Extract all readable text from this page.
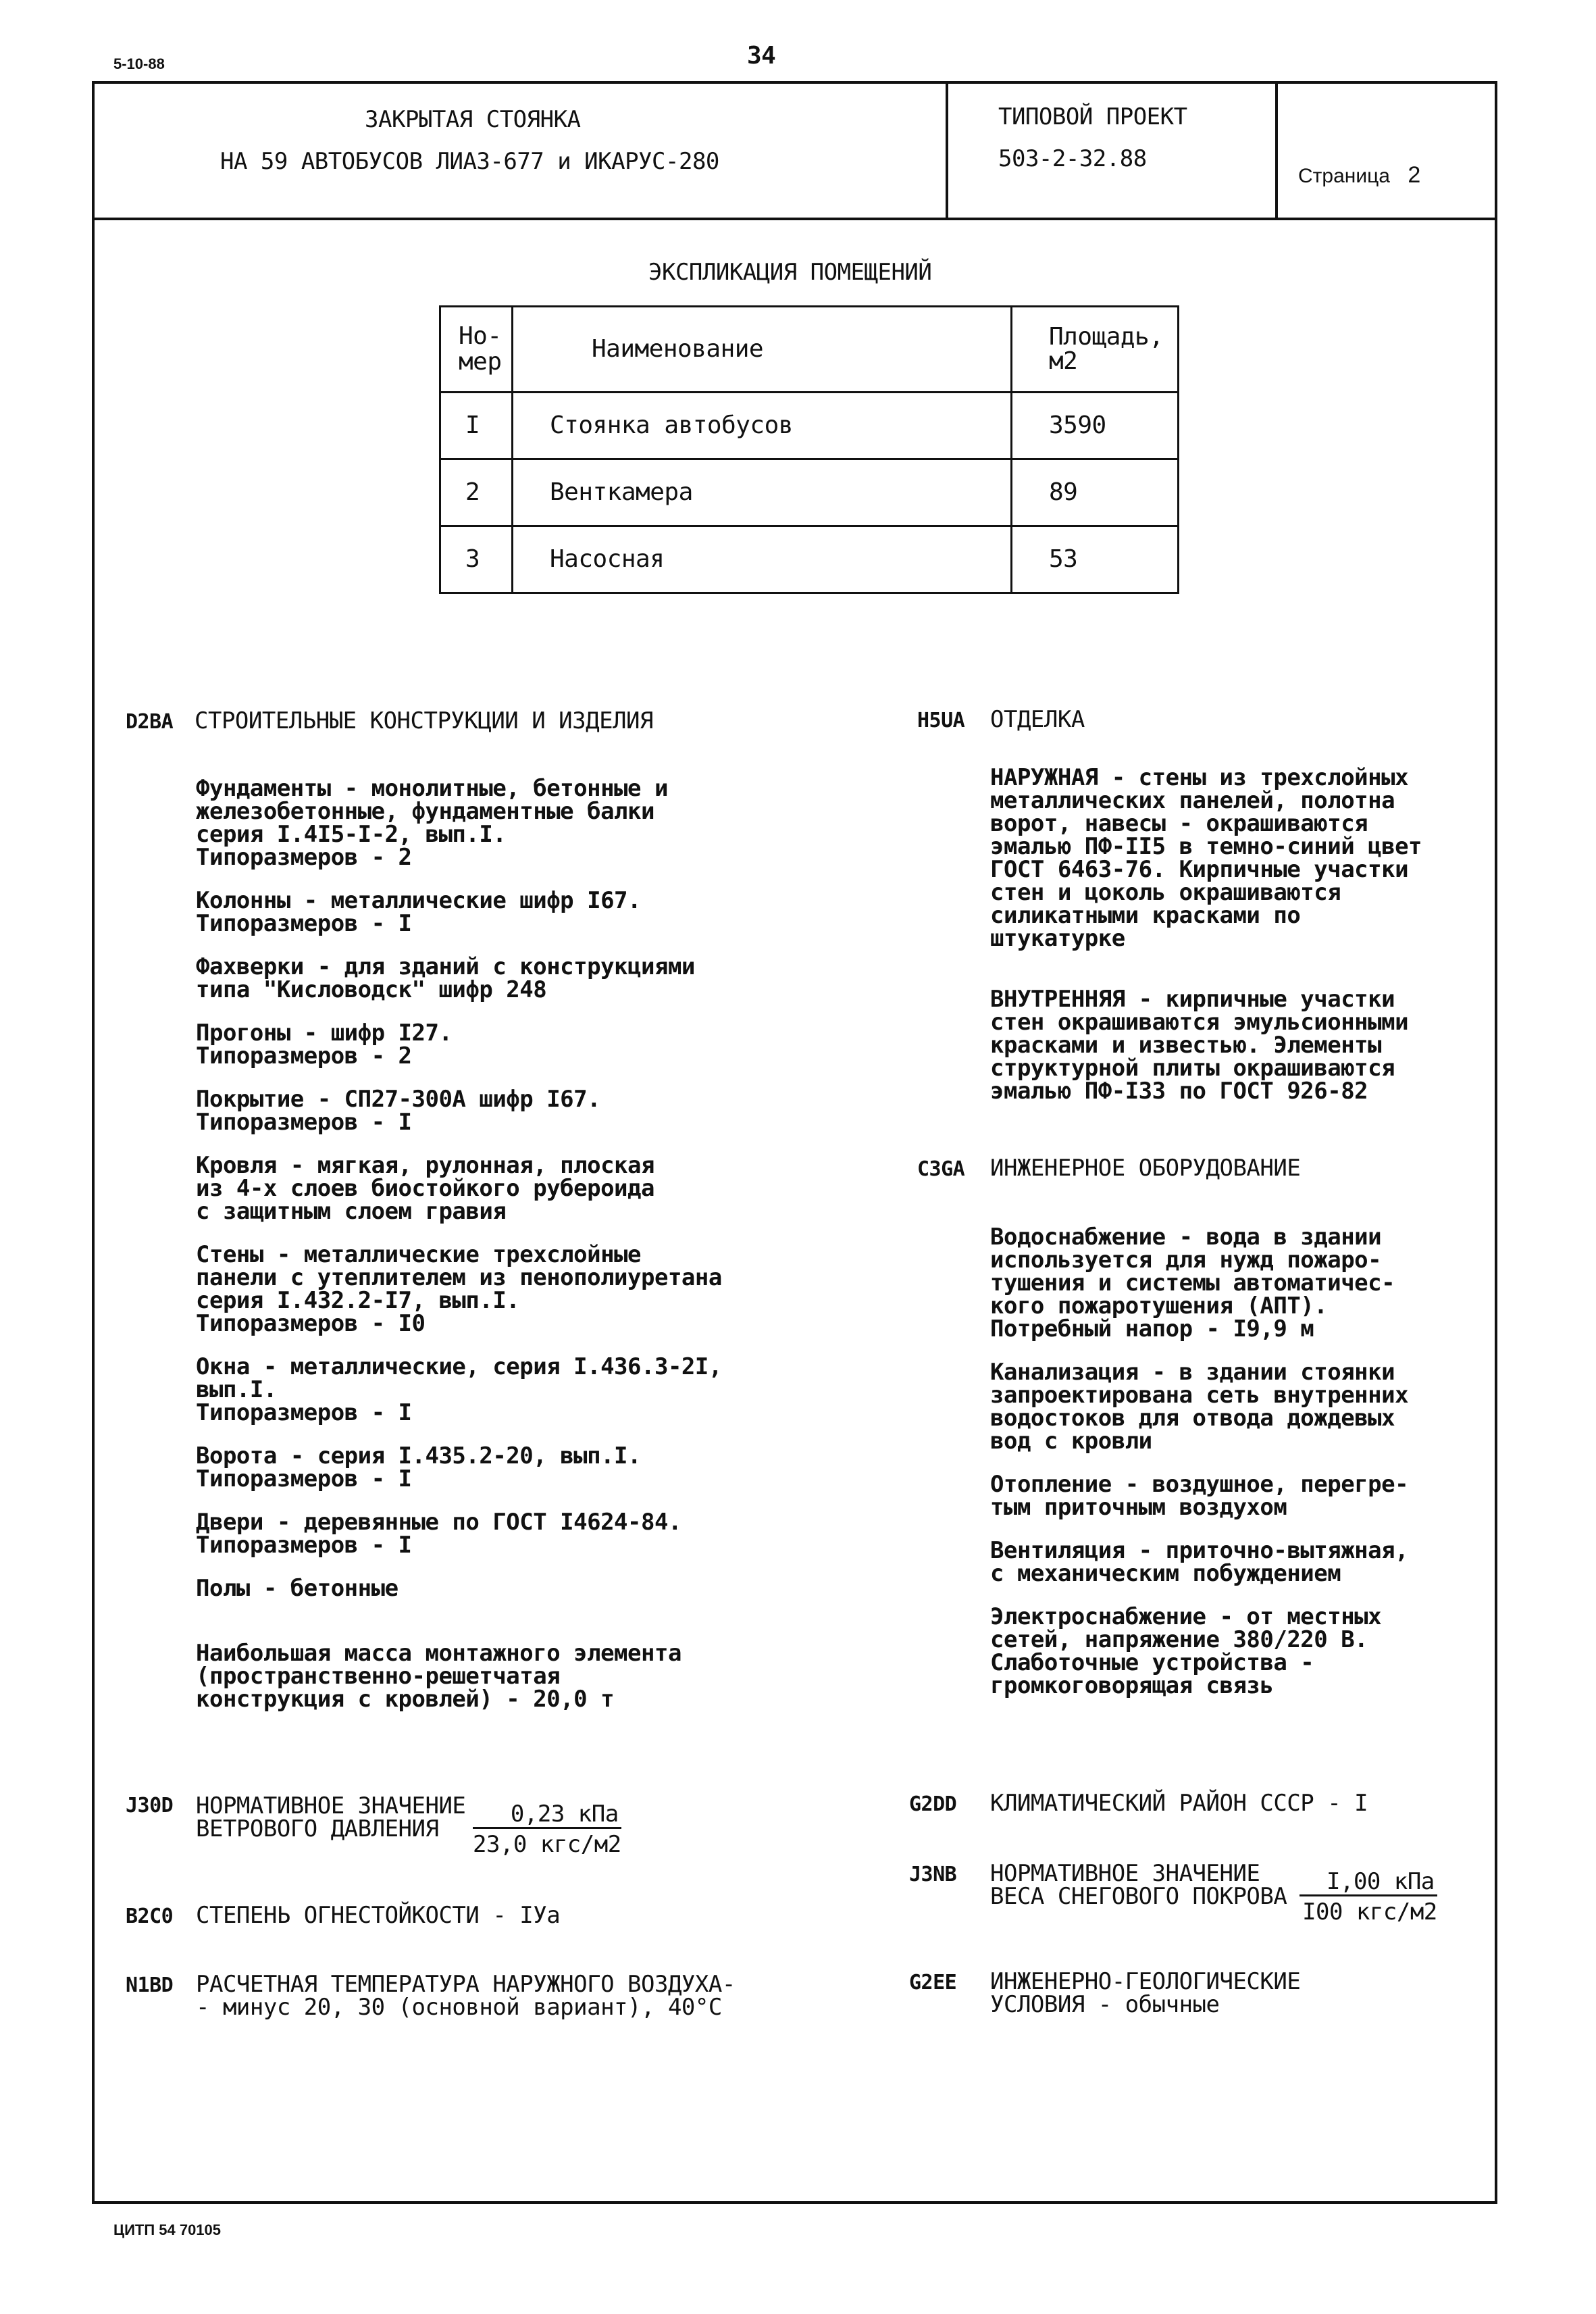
5-10-88	34
ЗАКРЫТАЯ СТОЯНКА
НА 59 АВТОБУСОВ ЛИАЗ-677 и ИКАРУС-280
ТИПОВОЙ ПРОЕКТ
503-2-32.88
Страница 2
ЭКСПЛИКАЦИЯ ПОМЕЩЕНИЙ
Но-
мер	Наименование	Площадь,
м2
I	Стоянка автобусов	3590
2	Венткамера	89
3	Насосная	53
D2BA СТРОИТЕЛЬНЫЕ КОНСТРУКЦИИ И ИЗДЕЛИЯ

Фундаменты - монолитные, бетонные и
железобетонные, фундаментные балки
серия I.4I5-I-2, вып.I.
Типоразмеров - 2

Колонны - металлические шифр I67.
Типоразмеров - I

Фахверки - для зданий с конструкциями
типа "Кисловодск" шифр 248

Прогоны - шифр I27.
Типоразмеров - 2

Покрытие - СП27-300А шифр I67.
Типоразмеров - I

Кровля - мягкая, рулонная, плоская
из 4-х слоев биостойкого рубероида
с защитным слоем гравия

Стены - металлические трехслойные
панели с утеплителем из пенополиуретана
серия I.432.2-I7, вып.I.
Типоразмеров - I0

Окна - металлические, серия I.436.3-2I,
вып.I.
Типоразмеров - I

Ворота - серия I.435.2-20, вып.I.
Типоразмеров - I

Двери - деревянные по ГОСТ I4624-84.
Типоразмеров - I

Полы - бетонные

Наибольшая масса монтажного элемента
(пространственно-решетчатая
конструкция с кровлей) - 20,0 т

H5UA ОТДЕЛКА

НАРУЖНАЯ - стены из трехслойных
металлических панелей, полотна
ворот, навесы - окрашиваются
эмалью ПФ-II5 в темно-синий цвет
ГОСТ 6463-76. Кирпичные участки
стен и цоколь окрашиваются
силикатными красками по
штукатурке

ВНУТРЕННЯЯ - кирпичные участки
стен окрашиваются эмульсионными
красками и известью. Элементы
структурной плиты окрашиваются
эмалью ПФ-I33 по ГОСТ 926-82

C3GA ИНЖЕНЕРНОЕ ОБОРУДОВАНИЕ

Водоснабжение - вода в здании
используется для нужд пожаро-
тушения и системы автоматичес-
кого пожаротушения (АПТ).
Потребный напор - I9,9 м

Канализация - в здании стоянки
запроектирована сеть внутренних
водостоков для отвода дождевых
вод с кровли

Отопление - воздушное, перегре-
тым приточным воздухом

Вентиляция - приточно-вытяжная,
с механическим побуждением

Электроснабжение - от местных
сетей, напряжение 380/220 В.
Слаботочные устройства -
громкоговорящая связь

J30D НОРМАТИВНОЕ ЗНАЧЕНИЕ
ВЕТРОВОГО ДАВЛЕНИЯ	$\frac{\text{0,23 кПа}}{\text{23,0 кгс/м2}}$
B2C0 СТЕПЕНЬ ОГНЕСТОЙКОСТИ - IУа
N1BD РАСЧЕТНАЯ ТЕМПЕРАТУРА НАРУЖНОГО ВОЗДУХА-
- минус 20, 30 (основной вариант), 40°С

G2DD КЛИМАТИЧЕСКИЙ РАЙОН СССР - I
J3NB НОРМАТИВНОЕ ЗНАЧЕНИЕ
ВЕСА СНЕГОВОГО ПОКРОВА $\frac{\text{I,00 кПа}}{\text{I00 кгс/м2}}$
G2EE ИНЖЕНЕРНО-ГЕОЛОГИЧЕСКИЕ
УСЛОВИЯ - обычные

ЦИТП 54 70105
